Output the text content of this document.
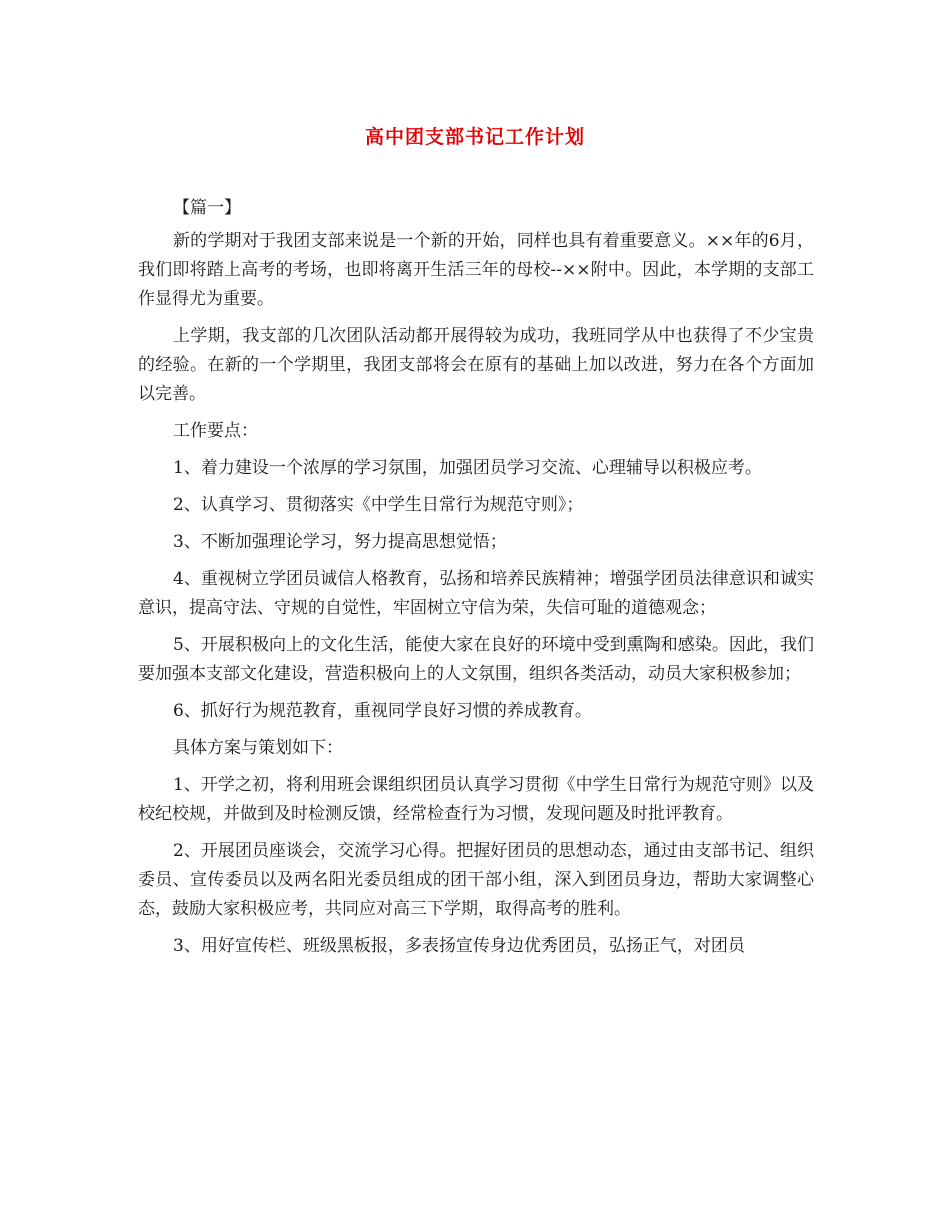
高中团支部书记工作计划

【篇一】

新的学期对于我团支部来说是一个新的开始，同样也具有着重要意义。××年的6月，我们即将踏上高考的考场，也即将离开生活三年的母校--××附中。因此，本学期的支部工作显得尤为重要。

上学期，我支部的几次团队活动都开展得较为成功，我班同学从中也获得了不少宝贵的经验。在新的一个学期里，我团支部将会在原有的基础上加以改进，努力在各个方面加以完善。

工作要点：

1、着力建设一个浓厚的学习氛围，加强团员学习交流、心理辅导以积极应考。

2、认真学习、贯彻落实《中学生日常行为规范守则》；

3、不断加强理论学习，努力提高思想觉悟；

4、重视树立学团员诚信人格教育，弘扬和培养民族精神；增强学团员法律意识和诚实意识，提高守法、守规的自觉性，牢固树立守信为荣，失信可耻的道德观念；

5、开展积极向上的文化生活，能使大家在良好的环境中受到熏陶和感染。因此，我们要加强本支部文化建设，营造积极向上的人文氛围，组织各类活动，动员大家积极参加；

6、抓好行为规范教育，重视同学良好习惯的养成教育。

具体方案与策划如下：

1、开学之初，将利用班会课组织团员认真学习贯彻《中学生日常行为规范守则》以及校纪校规，并做到及时检测反馈，经常检查行为习惯，发现问题及时批评教育。

2、开展团员座谈会，交流学习心得。把握好团员的思想动态，通过由支部书记、组织委员、宣传委员以及两名阳光委员组成的团干部小组，深入到团员身边，帮助大家调整心态，鼓励大家积极应考，共同应对高三下学期，取得高考的胜利。

3、用好宣传栏、班级黑板报，多表扬宣传身边优秀团员，弘扬正气，对团员
